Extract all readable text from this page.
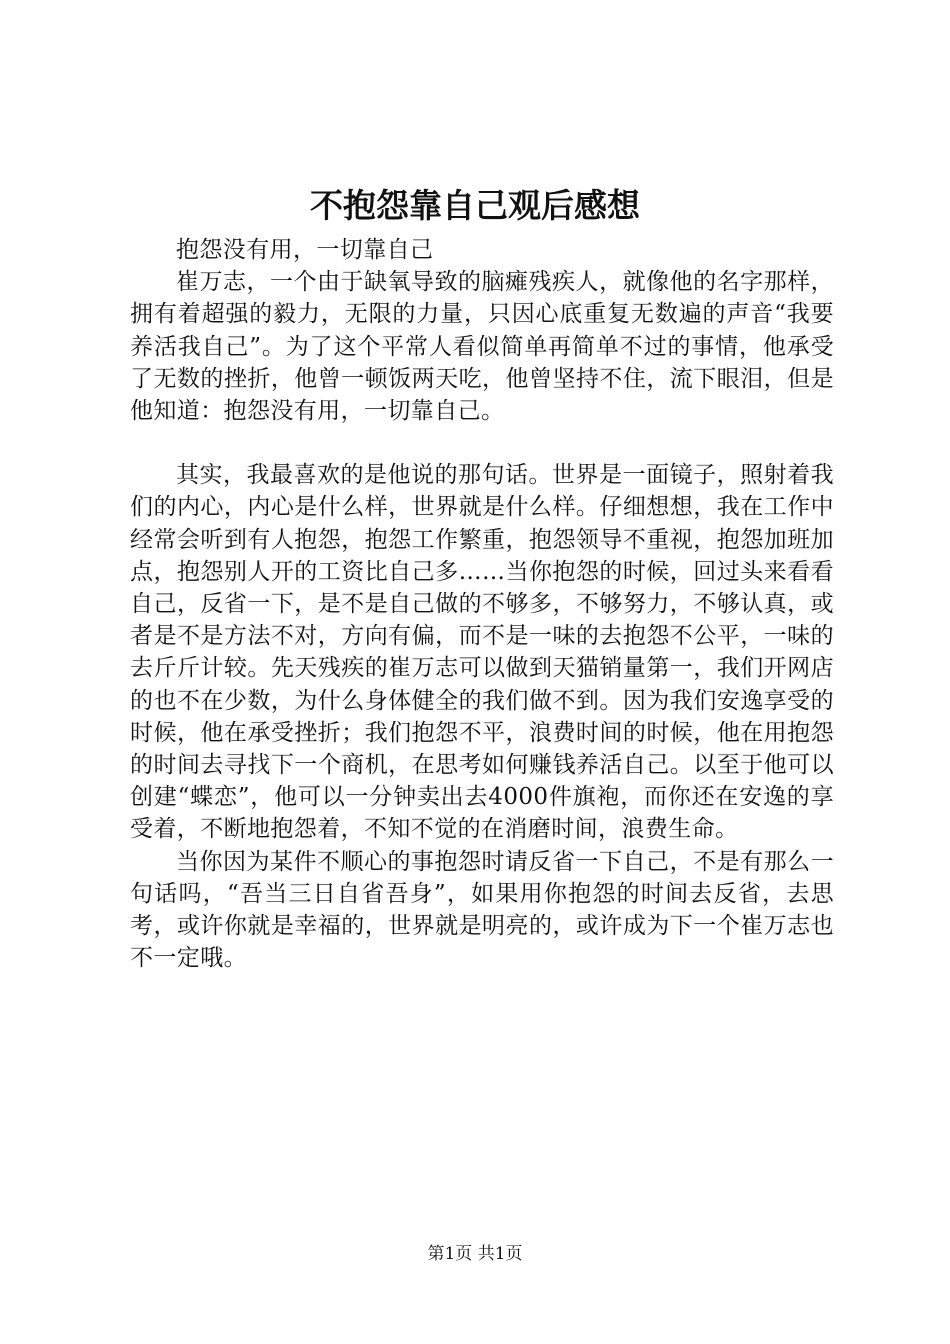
不抱怨靠自己观后感想

抱怨没有用，一切靠自己

崔万志，一个由于缺氧导致的脑瘫残疾人，就像他的名字那样，拥有着超强的毅力，无限的力量，只因心底重复无数遍的声音“我要养活我自己”。为了这个平常人看似简单再简单不过的事情，他承受了无数的挫折，他曾一顿饭两天吃，他曾坚持不住，流下眼泪，但是他知道：抱怨没有用，一切靠自己。

其实，我最喜欢的是他说的那句话。世界是一面镜子，照射着我们的内心，内心是什么样，世界就是什么样。仔细想想，我在工作中经常会听到有人抱怨，抱怨工作繁重，抱怨领导不重视，抱怨加班加点，抱怨别人开的工资比自己多……当你抱怨的时候，回过头来看看自己，反省一下，是不是自己做的不够多，不够努力，不够认真，或者是不是方法不对，方向有偏，而不是一味的去抱怨不公平，一味的去斤斤计较。先天残疾的崔万志可以做到天猫销量第一，我们开网店的也不在少数，为什么身体健全的我们做不到。因为我们安逸享受的时候，他在承受挫折；我们抱怨不平，浪费时间的时候，他在用抱怨的时间去寻找下一个商机，在思考如何赚钱养活自己。以至于他可以创建“蝶恋”，他可以一分钟卖出去4000件旗袍，而你还在安逸的享受着，不断地抱怨着，不知不觉的在消磨时间，浪费生命。

当你因为某件不顺心的事抱怨时请反省一下自己，不是有那么一句话吗，“吾当三日自省吾身”，如果用你抱怨的时间去反省，去思考，或许你就是幸福的，世界就是明亮的，或许成为下一个崔万志也不一定哦。

第1页 共1页
